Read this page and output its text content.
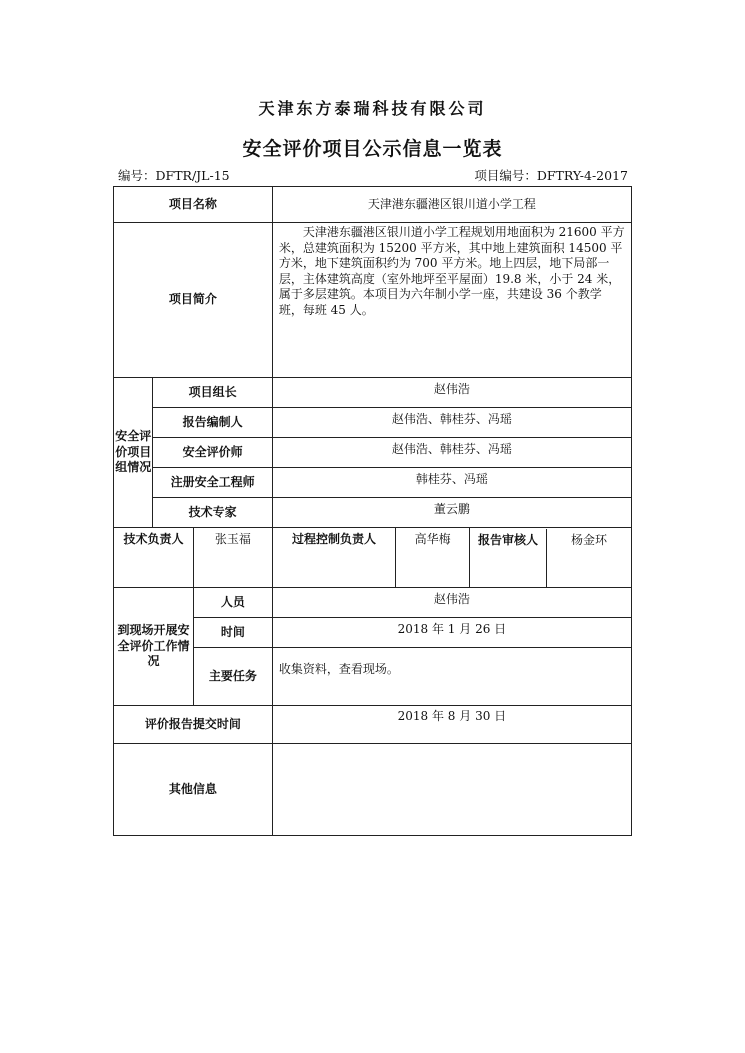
天津东方泰瑞科技有限公司
安全评价项目公示信息一览表
编号：DFTR/JL-15	项目编号：DFTRY-4-2017
项目名称	天津港东疆港区银川道小学工程
项目简介	天津港东疆港区银川道小学工程规划用地面积为 21600 平方米，总建筑面积为 15200 平方米，其中地上建筑面积 14500 平方米，地下建筑面积约为 700 平方米。地上四层，地下局部一层，主体建筑高度（室外地坪至平屋面）19.8 米，小于 24 米，属于多层建筑。本项目为六年制小学一座，共建设 36 个教学班，每班 45 人。
安全评价项目组情况	项目组长	赵伟浩
报告编制人	赵伟浩、韩桂芬、冯瑶
安全评价师	赵伟浩、韩桂芬、冯瑶
注册安全工程师	韩桂芬、冯瑶
技术专家	董云鹏
技术负责人	张玉福	过程控制负责人	高华梅	报告审核人	杨金环

到现场开展安全评价工作情况	人员	赵伟浩
时间	2018 年 1 月 26 日
主要任务	收集资料，查看现场。
评价报告提交时间	2018 年 8 月 30 日
其他信息	
